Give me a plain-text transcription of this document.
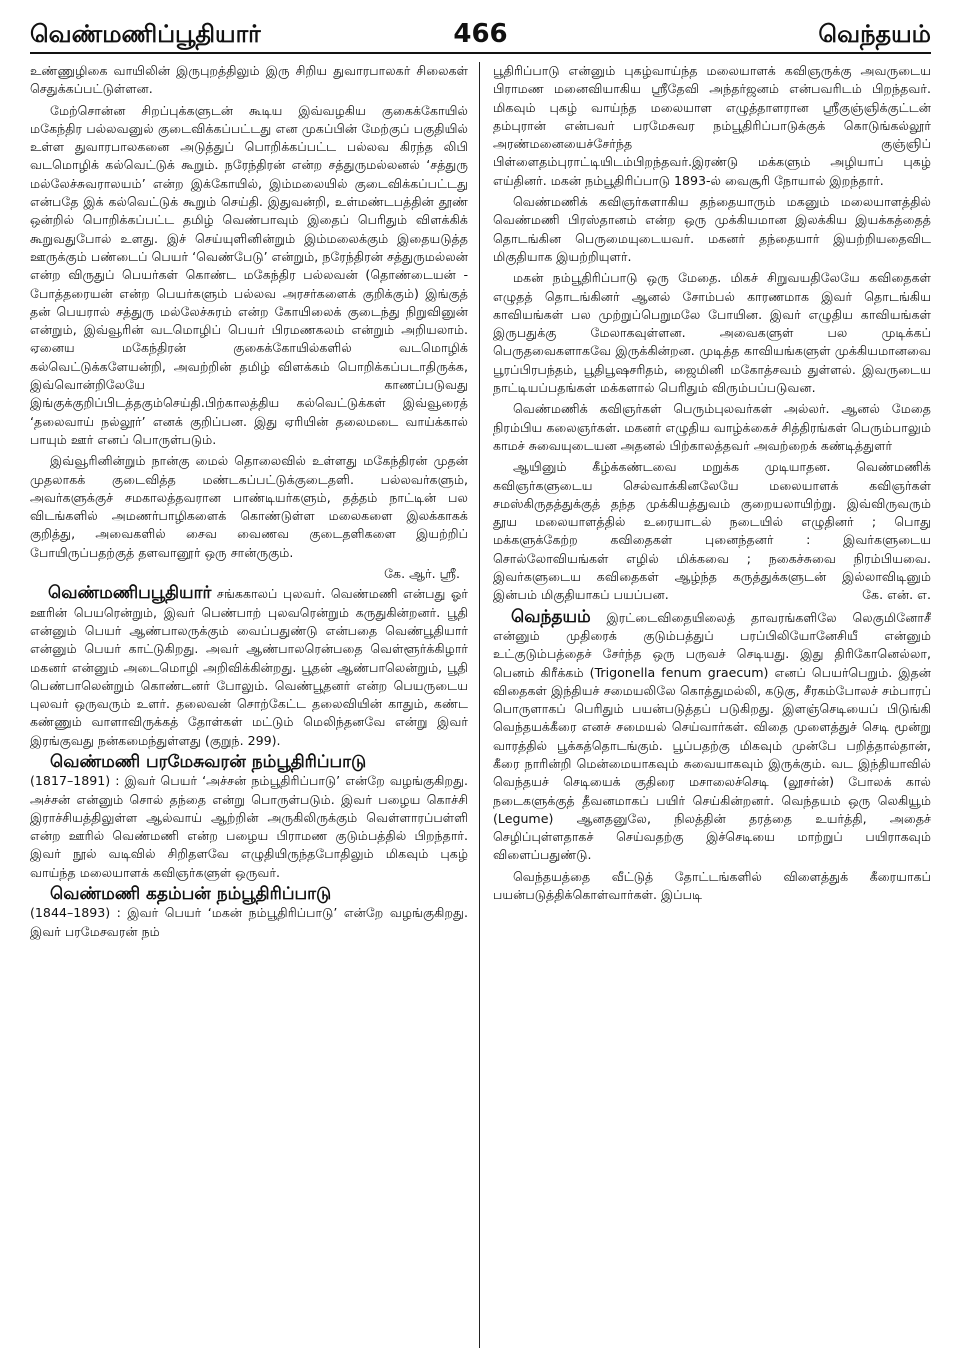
வெண்மணிப்பூதியார்	466	வெந்தயம்

உண்ணுழிகை வாயிலின் இருபுறத்திலும் இரு சிறிய துவாரபாலகர் சிலைகள் செதுக்கப்பட்டுள்ளன.

மேற்சொன்ன சிறப்புக்களுடன் கூடிய இவ்வழகிய குகைக்கோயில் மகேந்திர பல்லவனுல் குடைவிக்கப்பட்டது என முகப்பின் மேற்குப் பகுதியில் உள்ள துவாரபாலகனை அடுத்துப் பொறிக்கப்பட்ட பல்லவ கிரந்த லிபி வடமொழிக் கல்வெட்டுக் கூறும். நரேந்திரன் என்ற சத்துருமல்லனல் ‘சத்துரு மல்லேச்சுவராலயம்’ என்ற இக்கோயில், இம்மலையில் குடைவிக்கப்பட்டது என்பதே இக் கல்வெட்டுக் கூறும் செய்தி. இதுவன்றி, உள்மண்டபத்தின் தூண் ஒன்றில் பொறிக்கப்பட்ட தமிழ் வெண்பாவும் இதைப் பெரிதும் விளக்கிக் கூறுவதுபோல் உளது. இச் செய்யுளினின்றும் இம்மலைக்கும் இதையடுத்த ஊருக்கும் பண்டைப் பெயர் ‘வெண்பேடு’ என்றும், நரேந்திரன் சத்துருமல்லன் என்ற விருதுப் பெயர்கள் கொண்ட மகேந்திர பல்லவன் (தொண்டையன் - போத்தரையன் என்ற பெயர்களும் பல்லவ அரசர்களைக் குறிக்கும்) இங்குத் தன் பெயரால் சத்துரு மல்லேச்சுரம் என்ற கோயிலைக் குடைந்து நிறுவினுன் என்றும், இவ்வூரின் வடமொழிப் பெயர் பிரமணகலம் என்றும் அறியலாம். ஏனைய மகேந்திரன் குகைக்கோயில்களில் வடமொழிக் கல்வெட்டுக்களேயன்றி, அவற்றின் தமிழ் விளக்கம் பொறிக்கப்படாதிருக்க, இவ்வொன்றிலேயே காணப்படுவது இங்குக்குறிப்பிடத்தகும்செய்தி.பிற்காலத்திய கல்வெட்டுக்கள் இவ்வூரைத் ‘தலைவாய் நல்லூர்’ எனக் குறிப்பன. இது ஏரியின் தலைமடை வாய்க்கால் பாயும் ஊர் எனப் பொருள்படும்.

இவ்வூரினின்றும் நான்கு மைல் தொலைவில் உள்ளது மகேந்திரன் முதன் முதலாகக் குடைவித்த மண்டகப்பட்டுக்குடைதளி. பல்லவர்களும், அவர்களுக்குச் சமகாலத்தவரான பாண்டியர்களும், தத்தம் நாட்டின் பல விடங்களில் அமணர்பாழிகளைக் கொண்டுள்ள மலைகளை இலக்காகக் குறித்து, அவைகளில் சைவ வைணவ குடைதளிகளை இயற்றிப் போயிருப்பதற்குத் தளவானூர் ஒரு சான்ருகும்.

கே. ஆர். ஸ்ரீ.

வெண்மணிபபூதியார் சங்ககாலப் புலவர். வெண்மணி என்பது ஓர் ஊரின் பெயரென்றும், இவர் பெண்பாற் புலவரென்றும் கருதுகின்றனர். பூதி என்னும் பெயர் ஆண்பாலருக்கும் வைப்பதுண்டு என்பதை வெண்பூதியார் என்னும் பெயர் காட்டுகிறது. அவர் ஆண்பாலரென்பதை வெள்ளூர்க்கிழார் மகனர் என்னும் அடைமொழி அறிவிக்கின்றது. பூதன் ஆண்பாலென்றும், பூதி பெண்பாலென்றும் கொண்டனர் போலும். வெண்பூதனர் என்ற பெயருடைய புலவர் ஒருவரும் உளர். தலைவன் சொற்கேட்ட தலைவியின் காதும், கண்ட கண்ணும் வாளாவிருக்கத் தோள்கள் மட்டும் மெலிந்தனவே என்று இவர் இரங்குவது நன்கமைந்துள்ளது (குறுந். 299).

வெண்மணி பரமேசுவரன் நம்பூதிரிப்பாடு

(1817–1891) : இவர் பெயர் ‘அச்சன் நம்பூதிரிப்பாடு’ என்றே வழங்குகிறது. அச்சன் என்னும் சொல் தந்தை என்று பொருள்படும். இவர் பழைய கொச்சி இராச்சியத்திலுள்ள ஆல்வாய் ஆற்றின் அருகிலிருக்கும் வெள்ளாரப்பள்ளி என்ற ஊரில் வெண்மணி என்ற பழைய பிராமண குடும்பத்தில் பிறந்தார். இவர் நூல் வடிவில் சிறிதளவே எழுதியிருந்தபோதிலும் மிகவும் புகழ் வாய்ந்த மலையாளக் கவிஞர்களுள் ஒருவர்.

வெண்மணி கதம்பன் நம்பூதிரிப்பாடு

(1844–1893) : இவர் பெயர் ‘மகன் நம்பூதிரிப்பாடு’ என்றே வழங்குகிறது. இவர் பரமேசவரன் நம்

பூதிரிப்பாடு என்னும் புகழ்வாய்ந்த மலையாளக் கவிஞருக்கு அவருடைய பிராமண மனைவியாகிய ஸ்ரீதேவி அந்தர்ஜனம் என்பவரிடம் பிறந்தவர். மிகவும் புகழ் வாய்ந்த மலையாள எழுத்தாளரான ஸ்ரீகுஞ்ஞிக்குட்டன் தம்புரான் என்பவர் பரமேசுவர நம்பூதிரிப்பாடுக்குக் கொடுங்கல்லூர் அரண்மனையைச்சேர்ந்த குஞ்ஞிப் பிள்ளைதம்புராட்டியிடம்பிறந்தவர்.இரண்டு மக்களும் அழியாப் புகழ் எய்தினர். மகன் நம்பூதிரிப்பாடு 1893-ல் வைசூரி நோயால் இறந்தார்.

வெண்மணிக் கவிஞர்களாகிய தந்தையாரும் மகனும் மலையாளத்தில் வெண்மணி பிரஸ்தானம் என்ற ஒரு முக்கியமான இலக்கிய இயக்கத்தைத் தொடங்கின பெருமையுடையவர். மகனர் தந்தையார் இயற்றியதைவிட மிகுதியாக இயற்றியுளர்.

மகன் நம்பூதிரிப்பாடு ஒரு மேதை. மிகச் சிறுவயதிலேயே கவிதைகள் எழுதத் தொடங்கினர் ஆனல் சோம்பல் காரணமாக இவர் தொடங்கிய காவியங்கள் பல முற்றுப்பெறுமலே போயின. இவர் எழுதிய காவியங்கள் இருபதுக்கு மேலாகவுள்ளன. அவைகளுள் பல முடிக்கப் பெருதவைகளாகவே இருக்கின்றன. முடித்த காவியங்களுள் முக்கியமானவை பூரப்பிரபந்தம், பூதிபூஷசரிதம், ஜைமினி மகோத்சவம் துள்ளல். இவருடைய நாட்டியப்பதங்கள் மக்களால் பெரிதும் விரும்பப்படுவன.

வெண்மணிக் கவிஞர்கள் பெரும்புலவர்கள் அல்லர். ஆனல் மேதை நிரம்பிய கலைஞர்கள். மகனர் எழுதிய வாழ்க்கைச் சித்திரங்கள் பெரும்பாலும் காமச் சுவையுடையன அதனல் பிற்காலத்தவர் அவற்றைக் கண்டித்துளர்

ஆயினும் கீழ்க்கண்டவை மறுக்க முடியாதன. வெண்மணிக் கவிஞர்களுடைய செல்வாக்கினலேயே மலையாளக் கவிஞர்கள் சமஸ்கிருதத்துக்குத் தந்த முக்கியத்துவம் குறையலாயிற்று. இவ்விருவரும் தூய மலையாளத்தில் உரையாடல் நடையில் எழுதினர் ; பொது மக்களுக்கேற்ற கவிதைகள் புனைந்தனர் : இவர்களுடைய சொல்லோவியங்கள் எழில் மிக்கவை ; நகைச்சுவை நிரம்பியவை. இவர்களுடைய கவிதைகள் ஆழ்ந்த கருத்துக்களுடன் இல்லாவிடினும் இன்பம் மிகுதியாகப் பயப்பன.	கே. என். எ.

வெந்தயம் இரட்டைவிதையிலைத் தாவரங்களிலே லெகுமினோசீ என்னும் முதிரைக் குடும்பத்துப் பரப்பிலியோனேசியீ என்னும் உட்குடும்பத்தைச் சேர்ந்த ஒரு பருவச் செடியது. இது திரிகோனெல்லா, பெனம் கிரீக்கம் (Trigonella fenum graecum) எனப் பெயர்பெறும். இதன் விதைகள் இந்தியச் சமையலிலே கொத்துமல்லி, கடுகு, சீரகம்போலச் சம்பாரப் பொருளாகப் பெரிதும் பயன்படுத்தப் படுகிறது. இளஞ்செடியைப் பிடுங்கி வெந்தயக்கீரை எனச் சமையல் செய்வார்கள். விதை முளைத்துச் செடி மூன்று வாரத்தில் பூக்கத்தொடங்கும். பூப்பதற்கு மிகவும் முன்பே பறித்தால்தான், கீரை நாரின்றி மென்மையாகவும் சுவையாகவும் இருக்கும். வட இந்தியாவில் வெந்தயச் செடியைக் குதிரை மசாலைச்செடி (லூசர்ன்) போலக் கால் நடைகளுக்குத் தீவனமாகப் பயிர் செய்கின்றனர். வெந்தயம் ஒரு லெகியூம் (Legume) ஆனதனுலே, நிலத்தின் தரத்தை உயர்த்தி, அதைச் செழிப்புள்ளதாகச் செய்வதற்கு இச்செடியை மாற்றுப் பயிராகவும் விளைப்பதுண்டு.

வெந்தயத்தை வீட்டுத் தோட்டங்களில் விளைத்துக் கீரையாகப் பயன்படுத்திக்கொள்வார்கள். இப்படி
